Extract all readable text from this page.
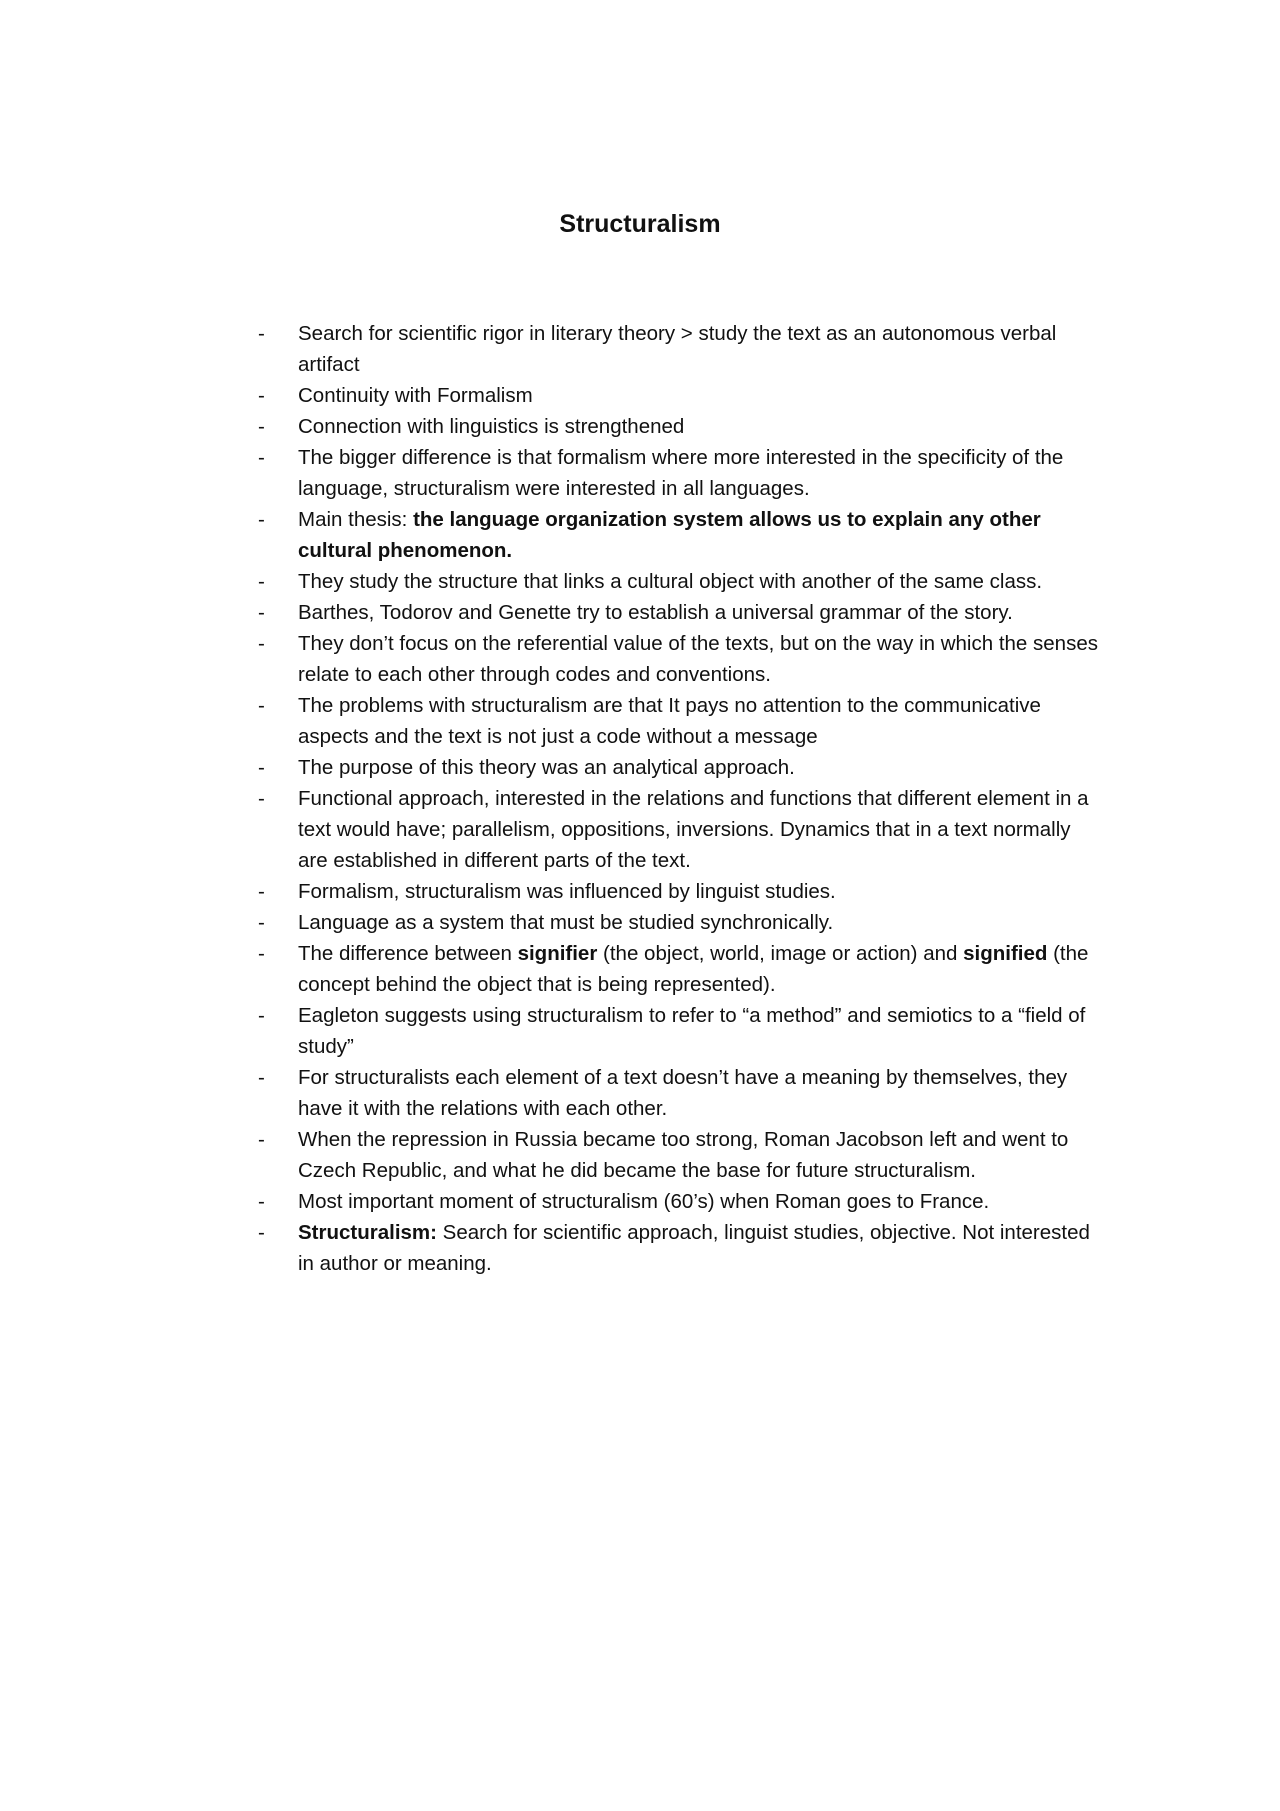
Structuralism
-	Search for scientific rigor in literary theory > study the text as an autonomous verbal artifact
-	Continuity with Formalism
-	Connection with linguistics is strengthened
-	The bigger difference is that formalism where more interested in the specificity of the language, structuralism were interested in all languages.
-	Main thesis: the language organization system allows us to explain any other cultural phenomenon.
-	They study the structure that links a cultural object with another of the same class.
-	Barthes, Todorov and Genette try to establish a universal grammar of the story.
-	They don’t focus on the referential value of the texts, but on the way in which the senses relate to each other through codes and conventions.
-	The problems with structuralism are that It pays no attention to the communicative aspects and the text is not just a code without a message
-	The purpose of this theory was an analytical approach.
-	Functional approach, interested in the relations and functions that different element in a text would have; parallelism, oppositions, inversions. Dynamics that in a text normally are established in different parts of the text.
-	Formalism, structuralism was influenced by linguist studies.
-	Language as a system that must be studied synchronically.
-	The difference between signifier (the object, world, image or action) and signified (the concept behind the object that is being represented).
-	Eagleton suggests using structuralism to refer to “a method” and semiotics to a “field of study”
-	For structuralists each element of a text doesn’t have a meaning by themselves, they have it with the relations with each other.
-	When the repression in Russia became too strong, Roman Jacobson left and went to Czech Republic, and what he did became the base for future structuralism.
-	Most important moment of structuralism (60’s) when Roman goes to France.
-	Structuralism: Search for scientific approach, linguist studies, objective. Not interested in author or meaning.
